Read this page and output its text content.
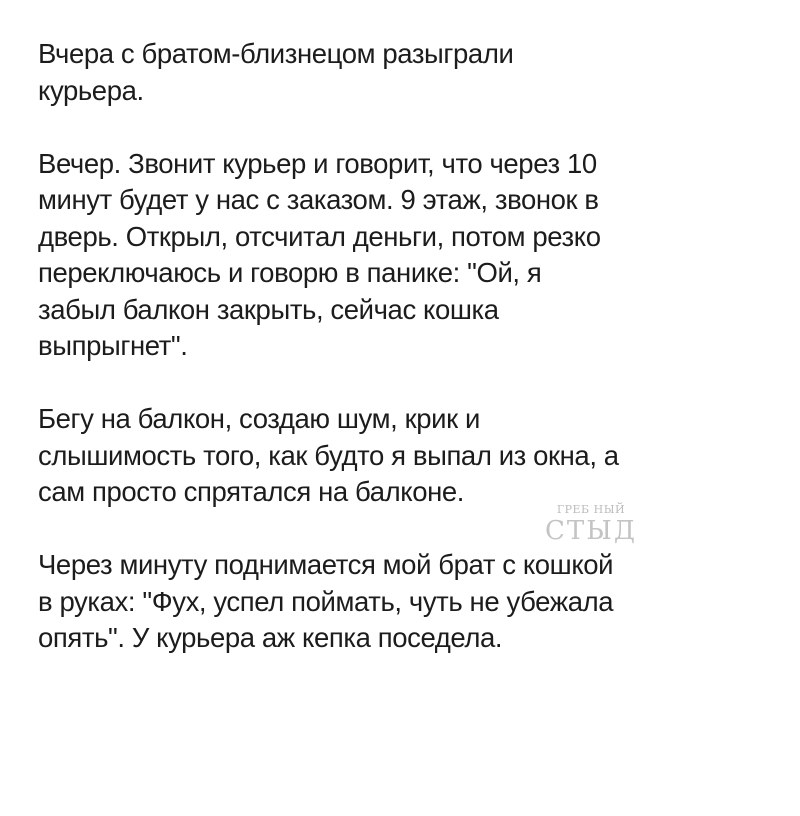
Вчера с братом-близнецом разыграли
курьера.

Вечер. Звонит курьер и говорит, что через 10
минут будет у нас с заказом. 9 этаж, звонок в
дверь. Открыл, отсчитал деньги, потом резко
переключаюсь и говорю в панике: "Ой, я
забыл балкон закрыть, сейчас кошка
выпрыгнет".

Бегу на балкон, создаю шум, крик и
слышимость того, как будто я выпал из окна, а
сам просто спрятался на балконе.

Через минуту поднимается мой брат с кошкой
в руках: "Фух, успел поймать, чуть не убежала
опять". У курьера аж кепка поседела.

ГРЕБ НЫЙ
СТЫД
